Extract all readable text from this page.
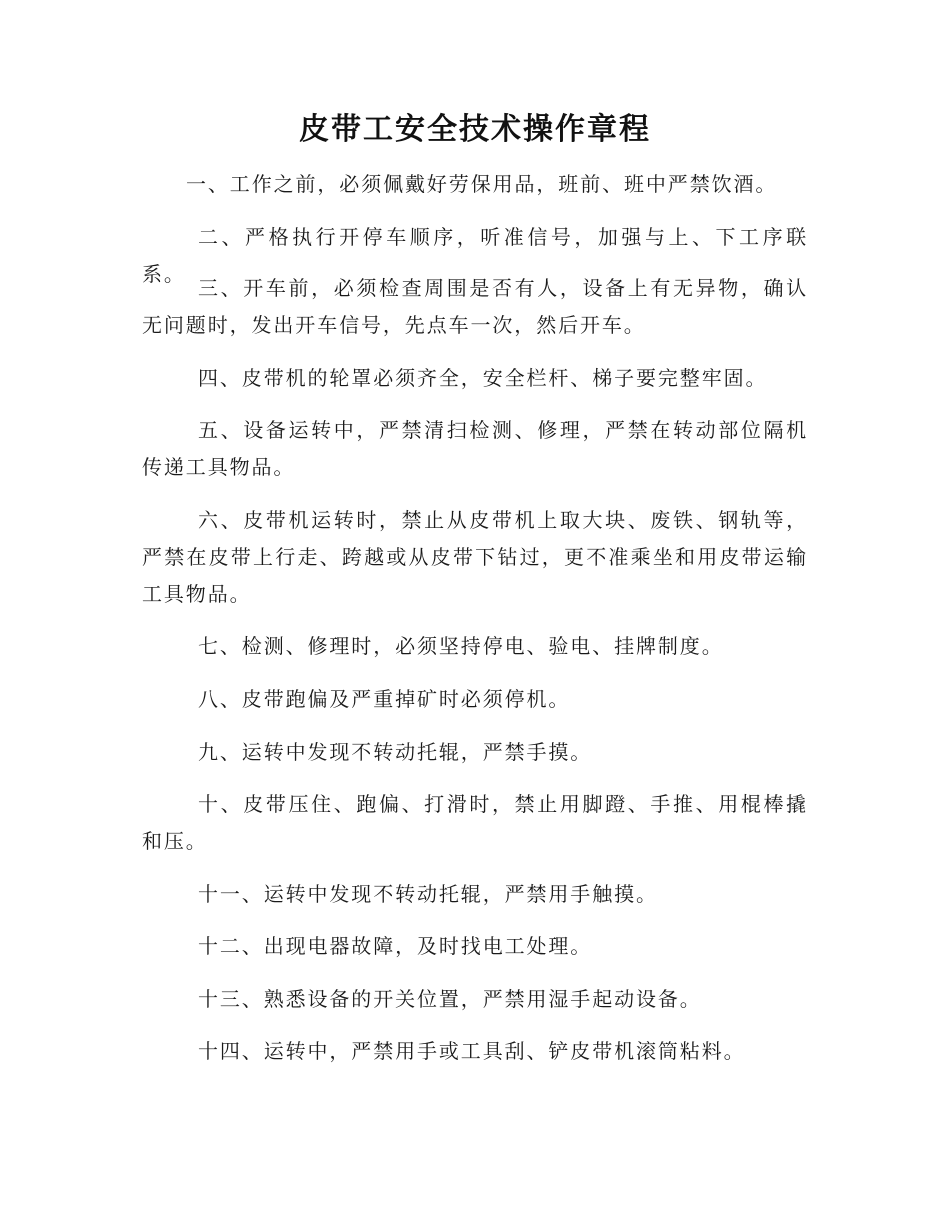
皮带工安全技术操作章程

一、工作之前，必须佩戴好劳保用品，班前、班中严禁饮酒。

二、严格执行开停车顺序，听准信号，加强与上、下工序联系。

三、开车前，必须检查周围是否有人，设备上有无异物，确认无问题时，发出开车信号，先点车一次，然后开车。

四、皮带机的轮罩必须齐全，安全栏杆、梯子要完整牢固。

五、设备运转中，严禁清扫检测、修理，严禁在转动部位隔机传递工具物品。

六、皮带机运转时，禁止从皮带机上取大块、废铁、钢轨等，严禁在皮带上行走、跨越或从皮带下钻过，更不准乘坐和用皮带运输工具物品。

七、检测、修理时，必须坚持停电、验电、挂牌制度。

八、皮带跑偏及严重掉矿时必须停机。

九、运转中发现不转动托辊，严禁手摸。

十、皮带压住、跑偏、打滑时，禁止用脚蹬、手推、用棍棒撬和压。

十一、运转中发现不转动托辊，严禁用手触摸。

十二、出现电器故障，及时找电工处理。

十三、熟悉设备的开关位置，严禁用湿手起动设备。

十四、运转中，严禁用手或工具刮、铲皮带机滚筒粘料。
